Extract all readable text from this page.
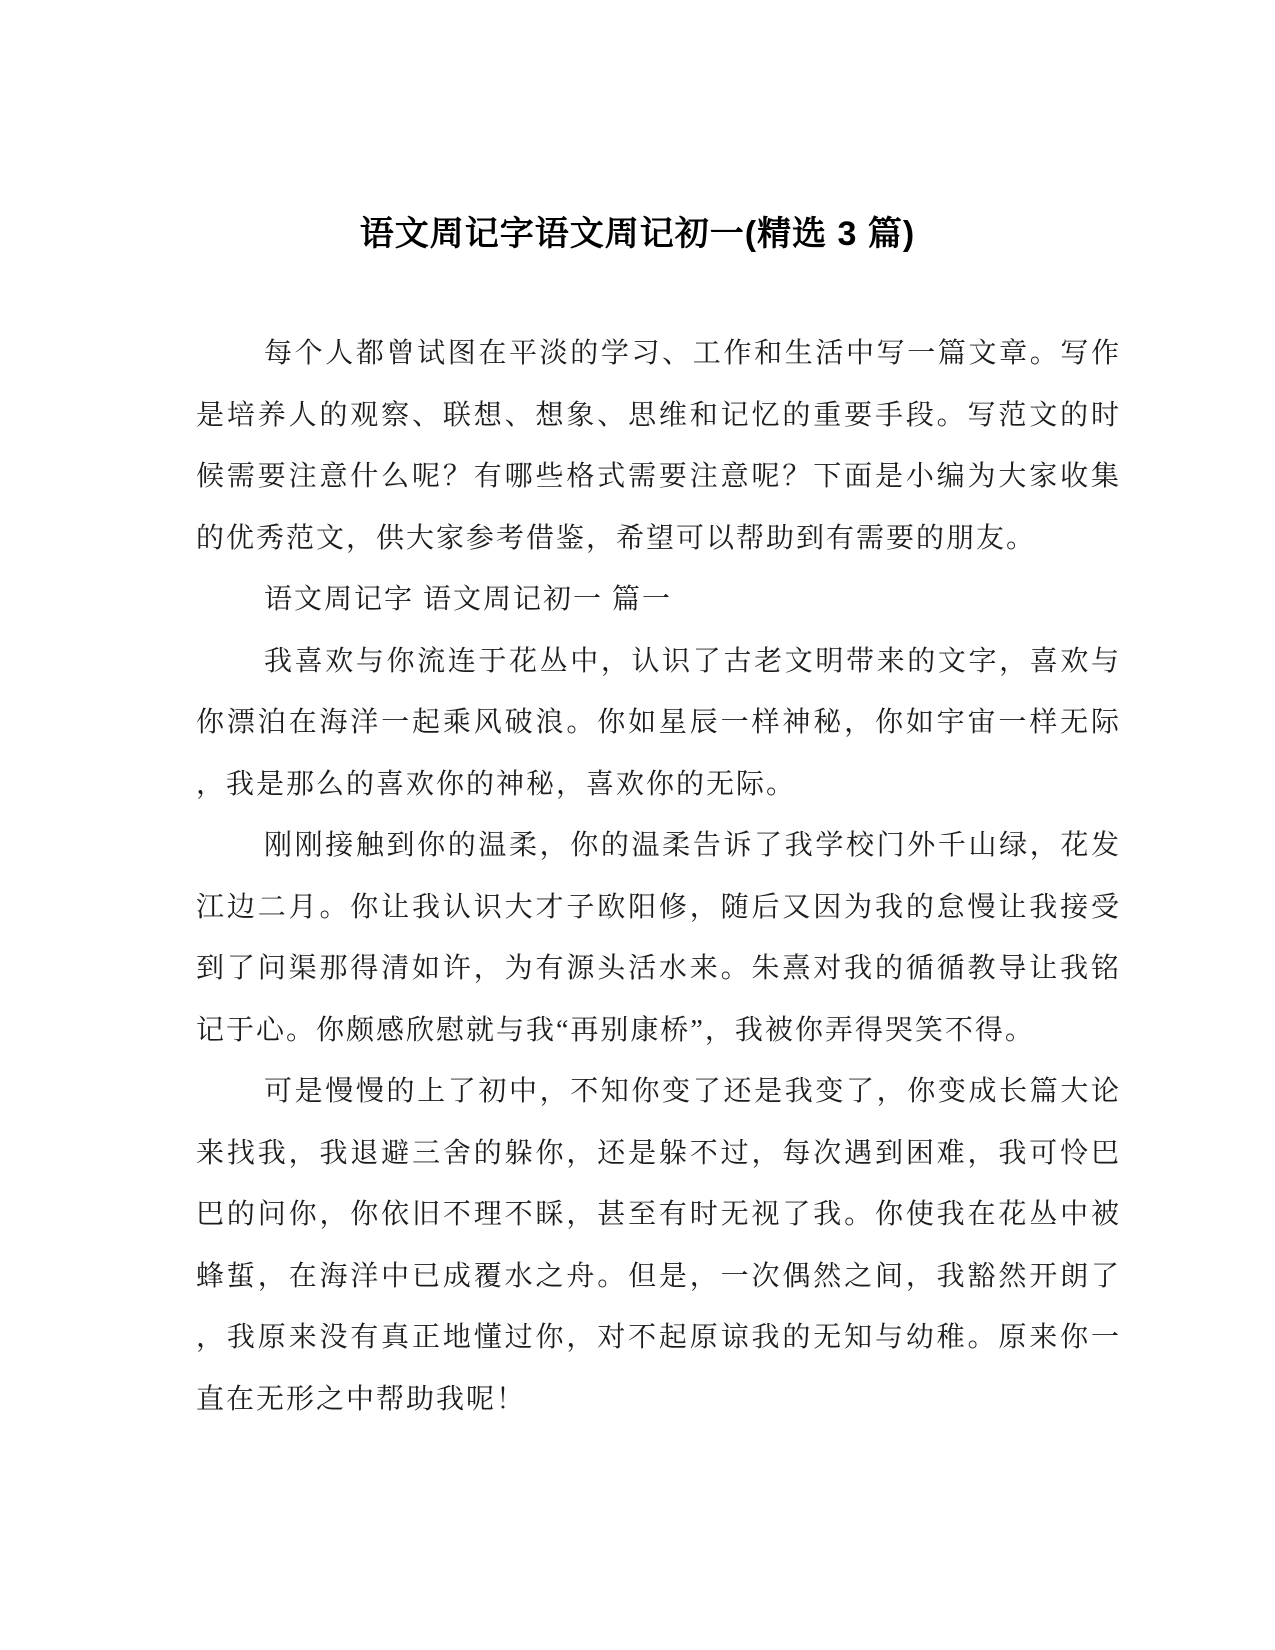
语文周记字语文周记初一(精选 3 篇)

每个人都曾试图在平淡的学习、工作和生活中写一篇文章。写作是培养人的观察、联想、想象、思维和记忆的重要手段。写范文的时候需要注意什么呢？有哪些格式需要注意呢？下面是小编为大家收集的优秀范文，供大家参考借鉴，希望可以帮助到有需要的朋友。

语文周记字 语文周记初一 篇一

我喜欢与你流连于花丛中，认识了古老文明带来的文字，喜欢与你漂泊在海洋一起乘风破浪。你如星辰一样神秘，你如宇宙一样无际，我是那么的喜欢你的神秘，喜欢你的无际。

刚刚接触到你的温柔，你的温柔告诉了我学校门外千山绿，花发江边二月。你让我认识大才子欧阳修，随后又因为我的怠慢让我接受到了问渠那得清如许，为有源头活水来。朱熹对我的循循教导让我铭记于心。你颇感欣慰就与我“再别康桥”，我被你弄得哭笑不得。

可是慢慢的上了初中，不知你变了还是我变了，你变成长篇大论来找我，我退避三舍的躲你，还是躲不过，每次遇到困难，我可怜巴巴的问你，你依旧不理不睬，甚至有时无视了我。你使我在花丛中被蜂蜇，在海洋中已成覆水之舟。但是，一次偶然之间，我豁然开朗了，我原来没有真正地懂过你，对不起原谅我的无知与幼稚。原来你一直在无形之中帮助我呢！
